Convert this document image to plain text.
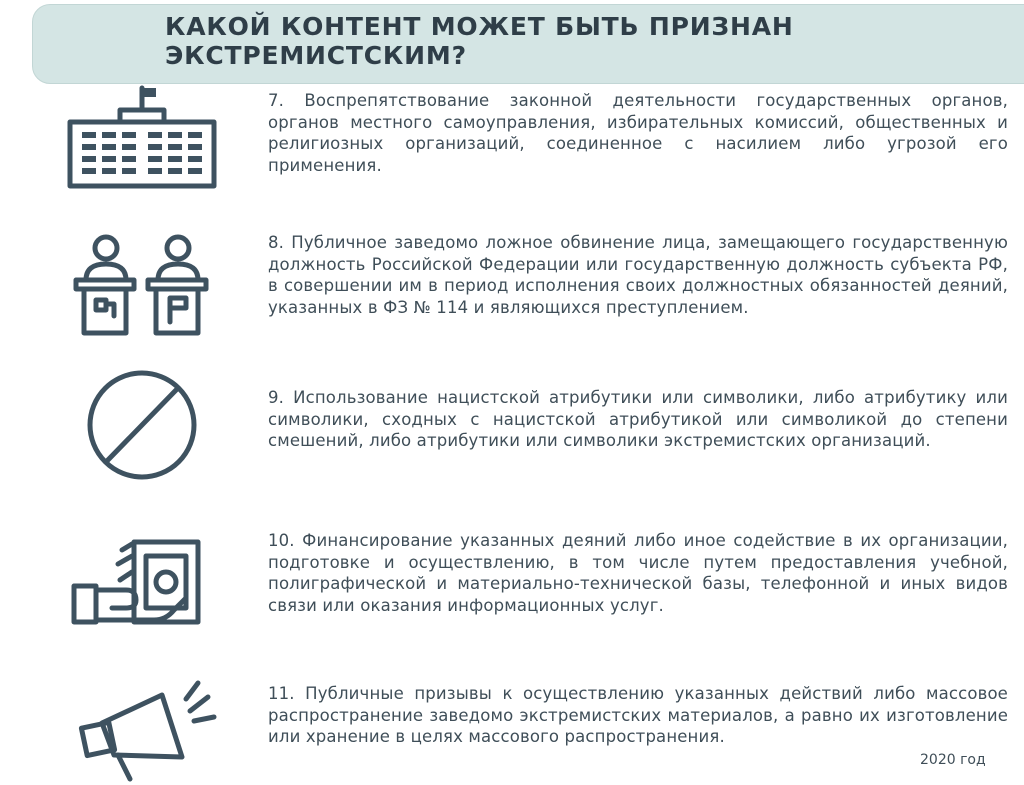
КАКОЙ КОНТЕНТ МОЖЕТ БЫТЬ ПРИЗНАН
ЭКСТРЕМИСТСКИМ?

7. Воспрепятствование законной деятельности государственных органов, органов местного самоуправления, избирательных комиссий, общественных и религиозных организаций, соединенное с насилием либо угрозой его применения.

8. Публичное заведомо ложное обвинение лица, замещающего государственную должность Российской Федерации или государственную должность субъекта РФ, в совершении им в период исполнения своих должностных обязанностей деяний, указанных в ФЗ № 114 и являющихся преступлением.

9. Использование нацистской атрибутики или символики, либо атрибутику или символики, сходных с нацистской атрибутикой или символикой до степени смешений, либо атрибутики или символики экстремистских организаций.

10. Финансирование указанных деяний либо иное содействие в их организации, подготовке и осуществлению, в том числе путем предоставления учебной, полиграфической и материально-технической базы, телефонной и иных видов связи или оказания информационных услуг.

11. Публичные призывы к осуществлению указанных действий либо массовое распространение заведомо экстремистских материалов, а равно их изготовление или хранение в целях массового распространения.

2020 год
